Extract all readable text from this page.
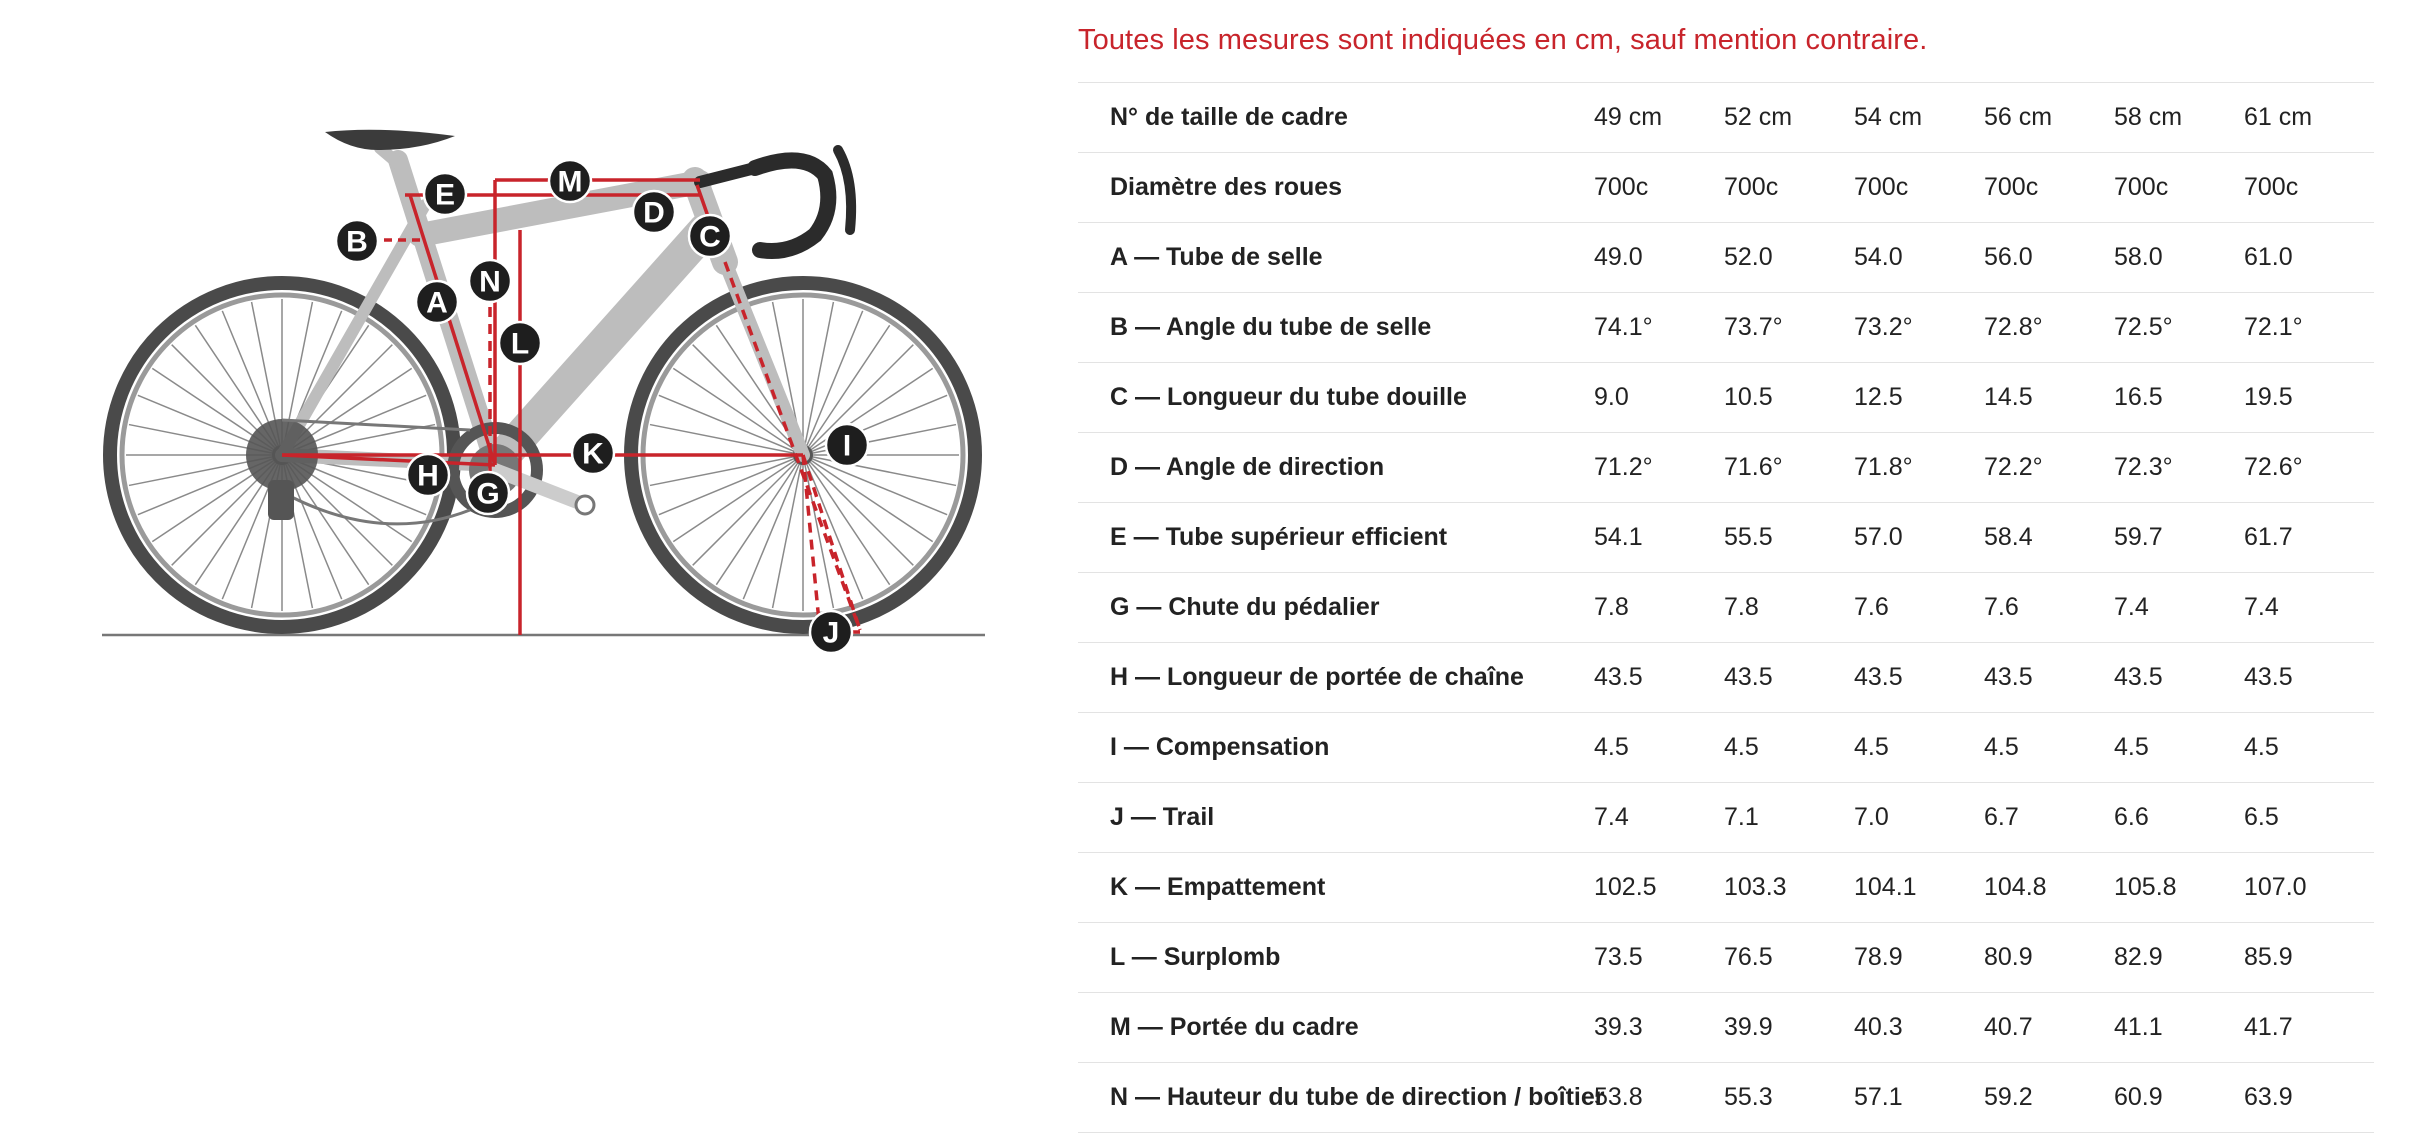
A
B	C
D
E
G
H
I
J
K
L
M
N
Toutes les mesures sont indiquées en cm, sauf mention contraire.
N° de taille de cadre	49 cm	52 cm	54 cm	56 cm	58 cm	61 cm
Diamètre des roues	700c	700c	700c	700c	700c	700c
A — Tube de selle	49.0	52.0	54.0	56.0	58.0	61.0
B — Angle du tube de selle	74.1°	73.7°	73.2°	72.8°	72.5°	72.1°
C — Longueur du tube douille	9.0	10.5	12.5	14.5	16.5	19.5
D — Angle de direction	71.2°	71.6°	71.8°	72.2°	72.3°	72.6°
E — Tube supérieur efficient	54.1	55.5	57.0	58.4	59.7	61.7
G — Chute du pédalier	7.8	7.8	7.6	7.6	7.4	7.4
H — Longueur de portée de chaîne	43.5	43.5	43.5	43.5	43.5	43.5
I — Compensation	4.5	4.5	4.5	4.5	4.5	4.5
J — Trail	7.4	7.1	7.0	6.7	6.6	6.5
K — Empattement	102.5	103.3	104.1	104.8	105.8	107.0
L — Surplomb	73.5	76.5	78.9	80.9	82.9	85.9
M — Portée du cadre	39.3	39.9	40.3	40.7	41.1	41.7
N — Hauteur du tube de direction / boîtier	53.8	55.3	57.1	59.2	60.9	63.9
